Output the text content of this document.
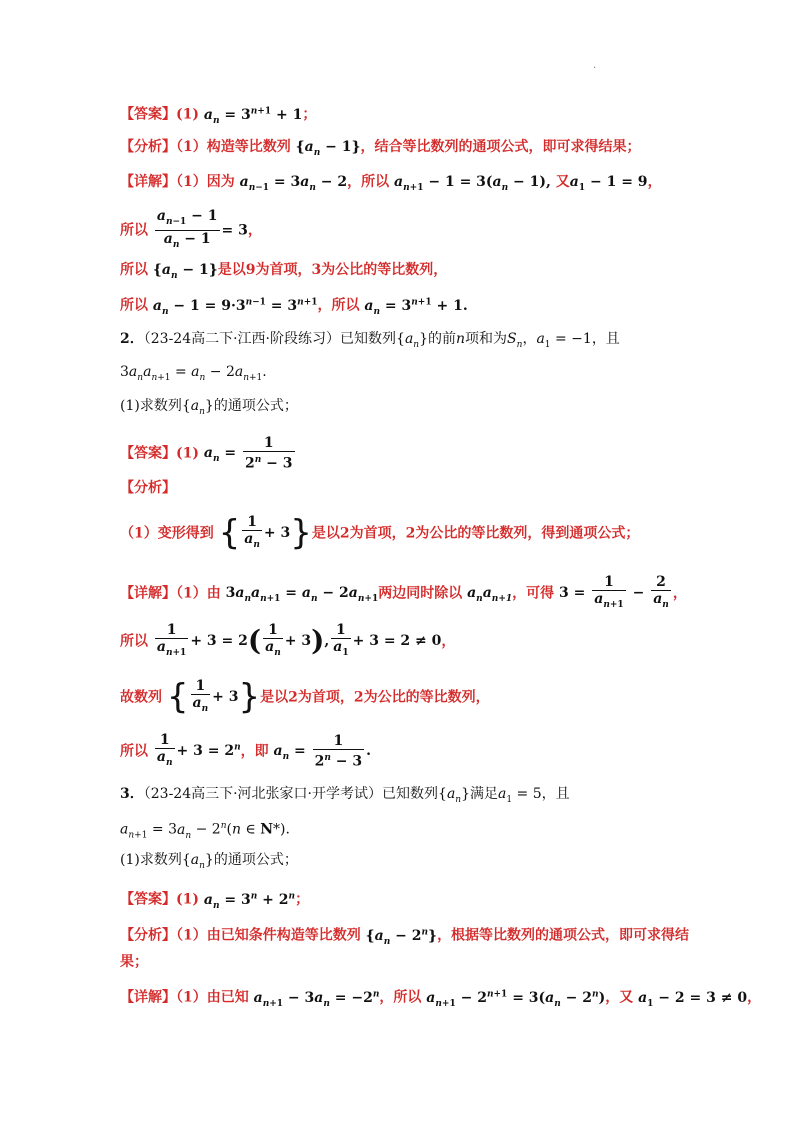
.
【答案】(1) $a_n = 3^{n+1} + 1$；
【分析】（1）构造等比数列 $\{a_n - 1\}$，结合等比数列的通项公式，即可求得结果；
【详解】（1）因为 $a_{n-1} = 3a_n - 2$，所以 $a_{n+1} - 1 = 3(a_n - 1)$, 又$a_1 - 1 = 9$，
所以 $\frac{a_{n-1} - 1}{a_n - 1} = 3$，
所以 $\{a_n - 1\}$是以9为首项，3为公比的等比数列，
所以 $a_n - 1 = 9\cdot 3^{n-1} = 3^{n+1}$，所以 $a_n = 3^{n+1} + 1$.
2．（23-24高二下·江西·阶段练习）已知数列$\{a_n\}$的前n项和为$S_n$，$a_1 = -1$，且
$3a_na_{n+1} = a_n - 2a_{n+1}$.
(1)求数列$\{a_n\}$的通项公式；
【答案】(1) $a_n = \frac{1}{2^n - 3}$
【分析】
（1）变形得到 { $\frac{1}{a_n} + 3$}是以2为首项，2为公比的等比数列，得到通项公式；
【详解】（1）由 $3a_na_{n+1} = a_n - 2a_{n+1}$两边同时除以 $a_na_{n+1}$，可得 $3 = \frac{1}{a_{n+1}} - \frac{2}{a_n}$ ，
所以 $\frac{1}{a_{n+1}} + 3 = 2( \frac{1}{a_n} + 3)$, $\frac{1}{a_1} + 3 = 2 \ne 0$，
故数列 { $\frac{1}{a_n} + 3$}是以2为首项，2为公比的等比数列，
所以 $\frac{1}{a_n} + 3 = 2^n$，即 $a_n = \frac{1}{2^n - 3}$ .
3．（23-24高三下·河北张家口·开学考试）已知数列$\{a_n\}$满足$a_1 = 5$，且
$a_{n+1} = 3a_n - 2^n(n$ ∈ N*).
(1)求数列$\{a_n\}$的通项公式；
【答案】(1) $a_n = 3^n + 2^n$；
【分析】（1）由已知条件构造等比数列 $\{a_n - 2^n\}$，根据等比数列的通项公式，即可求得结
果；
【详解】（1）由已知 $a_{n+1} - 3a_n = -2^n$，所以 $a_{n+1} - 2^{n+1} = 3(a_n - 2^n)$，又 $a_1 - 2 = 3 \ne 0$，
